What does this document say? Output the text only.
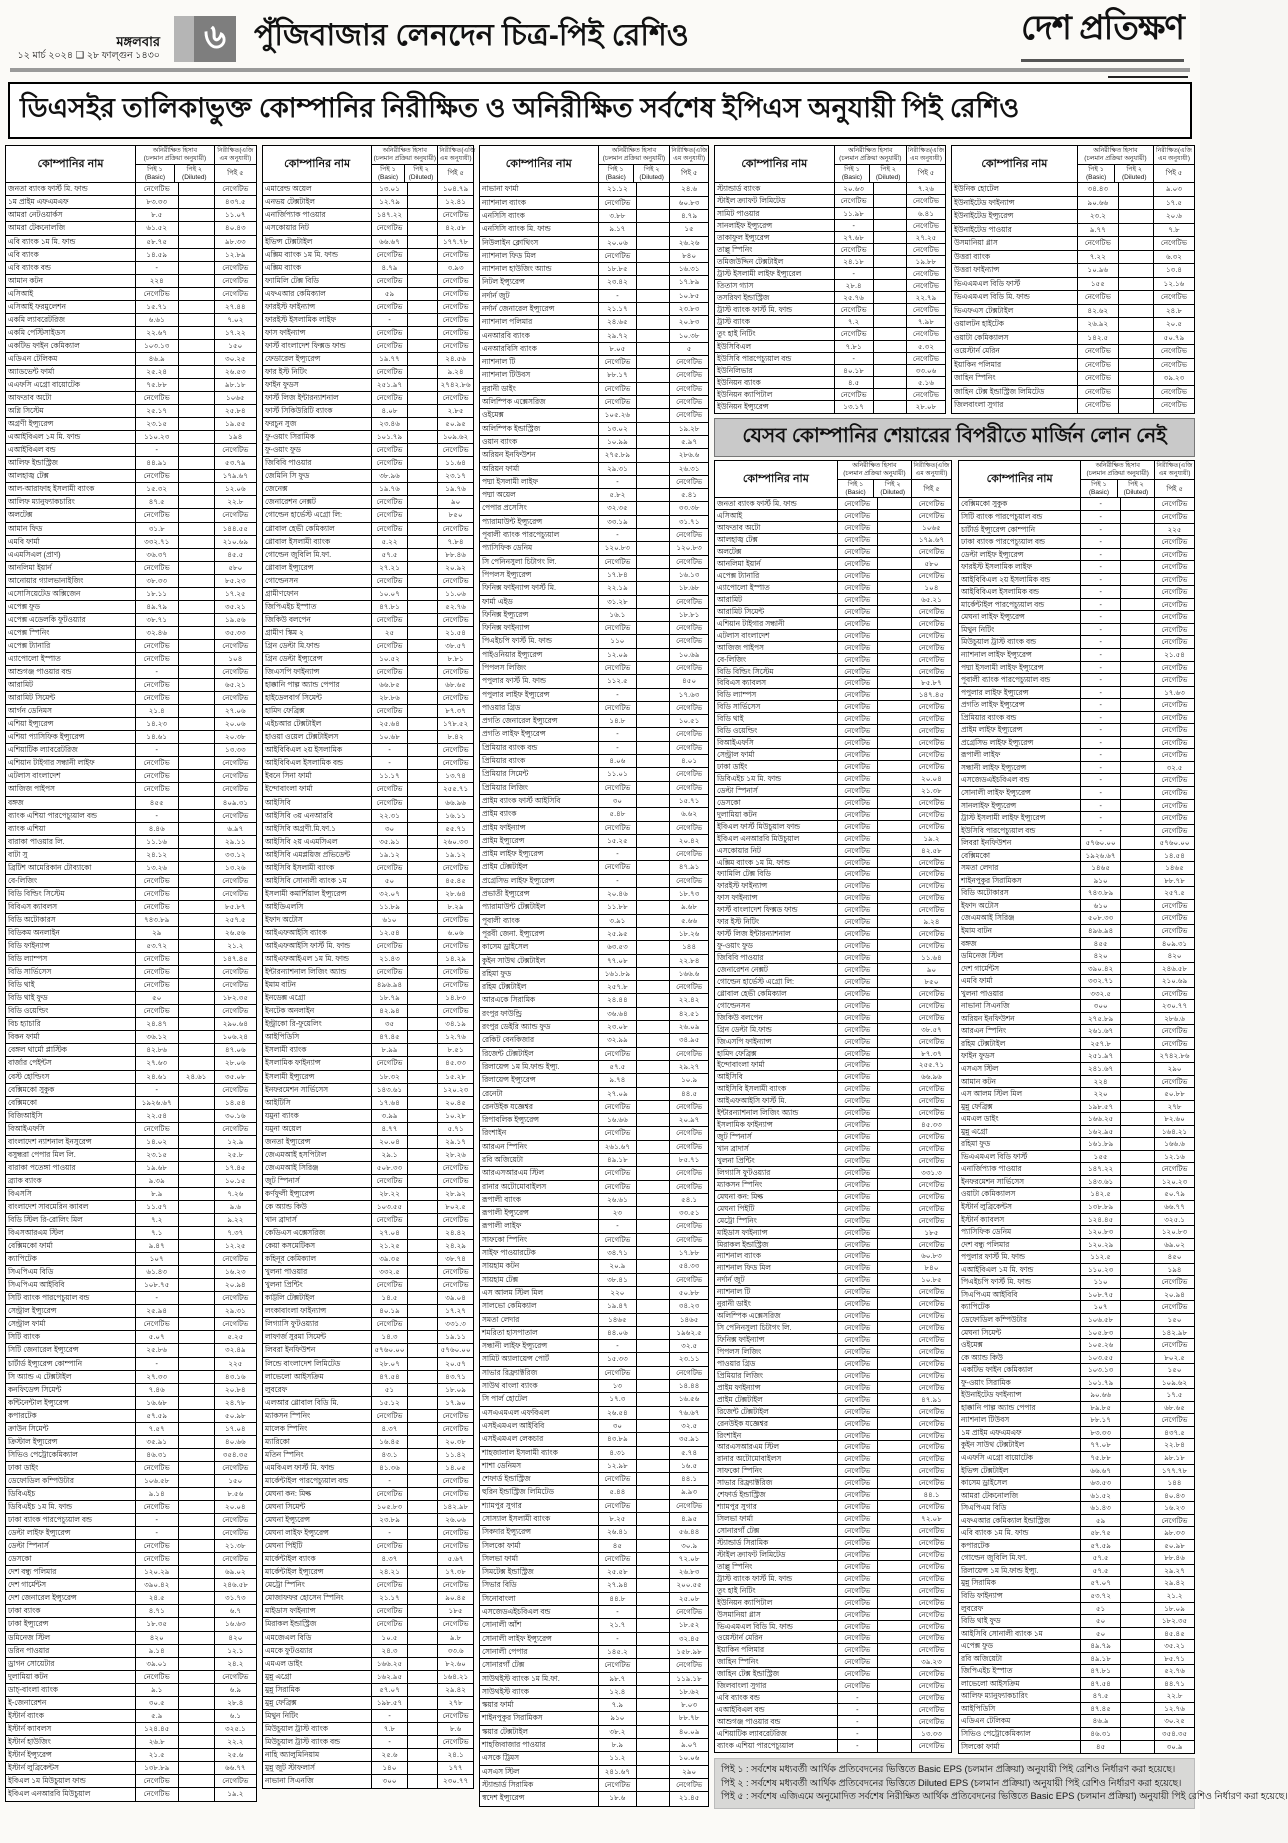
মঙ্গলবার
১২ মার্চ ২০২৪ ❑ ২৮ ফাল্গুন ১৪৩০
৬ পুঁজিবাজার লেনদেন চিত্র-পিই রেশিও	দেশ প্রতিক্ষণ
ডিএসইর তালিকাভুক্ত কোম্পানির নিরীক্ষিত ও অনিরীক্ষিত সর্বশেষ ইপিএস অনুযায়ী পিই রেশিও
কোম্পানির নাম
অনিরীক্ষিত হিসাব
(চলমান প্রক্রিয়া অনুযায়ী)
পিই ১
(Basic)
পিই ২
(Diluted)
নিরীক্ষিত(এজি
এম অনুযায়ী)
পিই ৫
জনতা ব্যাংক ফার্স্ট মি. ফান্ড	নেগেটিভ	নেগেটিভ
১ম প্রাইম এফএমএফ	৮৩.৩৩	৪৩৭.৫
আমরা নেটওয়ার্কস	৮.৫	১১.০৭
আমরা টেকনোলজি	৬১.৫২	৪০.৪৩
এবি ব্যাংক ১ম মি. ফান্ড	৫৮.৭৫	৯৮.৩৩
এবি ব্যাংক	১৪.৫৯	১২.৮৯
এবি ব্যাংক বন্ড	-	নেগেটিভ
আমান কটন	২২৪	নেগেটিভ
এসিআই	নেগেটিভ	নেগেটিভ
এসিআই ফরমুলেশন	১৫.৭১	২৭.৪৪
একমি ল্যাবরেটরিজ	৬.৬১	৭.০২
একমি পেস্টিসাইডস	২২.৬৭	১৭.২২
একটিভ ফাইন কেমিক্যাল	১০৩.১৩	১৫০
এডিএন টেলিকম	৪৬.৯	৩০.২৫
অ্যাডভেন্ট ফার্মা	২৫.২৪	২৬.৫৩
এএফসি এগ্রো বায়োটেক	৭৫.৮৮	৯৮.১৮
আফতাব অটো	নেগেটিভ	১০৬৫
অগ্নি সিস্টেম	২৫.১৭	২৫.৮৪
অগ্রণী ইন্স্যুরেন্স	২৩.১৫	১৯.৫৫
এআইবিএল ১ম মি. ফান্ড	১১০.২৩	১৯৪
এআইবিএল বন্ড	-	নেগেটিভ
আলিফ ইন্ডাস্ট্রিজ	৪৪.৯১	৫৩.৭৯
আলহাজ্ব টেক্স	নেগেটিভ	১৭৯.৬৭
আল-আরাফাহ ইসলামী ব্যাংক	১৫.৩২	১২.০৬
আলিফ ম্যানুফ্যাকচারিং	৪৭.৫	২২.৮
অলটেক্স	নেগেটিভ	নেগেটিভ
আমান ফিড	৩১.৮	১৪৪.৫৫
এমবি ফার্মা	৩৩২.৭১	২১০.৬৯
এএমসিএল (প্রাণ)	৩৬.৩৭	৪৫.৫
আনলিমা ইয়ার্ন	নেগেটিভ	৫৮০
আনোয়ার গ্যালভানাইজিং	৩৮.৩৩	৮৫.২৩
এসোসিয়েটেড অক্সিজেন	১৮.১১	১৭.২৫
এপেক্স ফুড	৪৯.৭৯	৩৫.২১
এপেক্স এডেলকি ফুটওয়্যার	৩৮.৭১	১৯.৫৬
এপেক্স স্পিনিং	৩২.৪৬	৩৫.৩৩
এপেক্স ট্যানারি	নেগেটিভ	নেগেটিভ
এ্যাপোলো ইস্পাত	নেগেটিভ	১০৪
আশুগঞ্জ পাওয়ার বন্ড	-	নেগেটিভ
আরামিট	নেগেটিভ	৬৫.২১
আরামিট সিমেন্ট	নেগেটিভ	নেগেটিভ
আর্গন ডেনিমস	২১.৪	২৭.০৬
এশিয়া ইন্স্যুরেন্স	১৪.২৩	২০.০৬
এশিয়া প্যাসিফিক ইন্স্যুরেন্স	১৪.৬১	২০.৩৮
এশিয়াটিক ল্যাবরেটরিজ	-	১৩.৩৩
এশিয়ান টাইগার সন্ধানী লাইফ	নেগেটিভ	নেগেটিভ
এটলাস বাংলাদেশ	নেগেটিভ	নেগেটিভ
আজিজ পাইপস	নেগেটিভ	নেগেটিভ
বঙ্গজ	৪৫৫	৪০৯.৩১
ব্যাংক এশিয়া পারপেচ্যুয়াল বন্ড	-	নেগেটিভ
ব্যাংক এশিয়া	৪.৪৬	৬.৯৭
বারাকা পাওয়ার লি.	১১.১৬	২৯.১১
বাটা সু	২৪.১২	৩৩.১২
ব্রিটিশ আমেরিকান টোব্যাকো	১৩.২৬	১৩.২৬
বে-লিজিং	নেগেটিভ	নেগেটিভ
বিডি বিল্ডিং সিস্টেম	নেগেটিভ	নেগেটিভ
বিবিএস ক্যাবলস	নেগেটিভ	৮৫.৮৭
বিডি অটোকারস	৭৪৩.৮৯	২৫৭.৫
বিডিকম অনলাইন	২৯	২৬.৫৬
বিডি ফাইন্যান্স	৫৩.৭২	২১.২
বিডি ল্যাম্পস	নেগেটিভ	১৪৭.৪৫
বিডি সার্ভিসেস	নেগেটিভ	নেগেটিভ
বিডি থাই	নেগেটিভ	নেগেটিভ
বিডি থাই ফুড	৫০	১৮২.৩৫
বিডি ওয়েল্ডিং	নেগেটিভ	নেগেটিভ
বিচ হ্যাচারি	২৪.৪৭	২৯০.৬৪
বিকন ফার্মা	৩৬.১২	১০৬.২৪
বেঙ্গল থার্মো প্লাস্টিক	৪২.৮৬	৪৭.০৬
বার্জার পেইন্টস	২৭.৬৩	২৮.০৬
বেস্ট হোল্ডিংস	২৪.৬১	২৪.৬১	৩৫.০৮
বেক্সিমকো সুকুক	-	নেগেটিভ
বেক্সিমকো	১৯২৬.৬৭	১৪.৫৪
বিজিআইসি	২২.৫৪	৩০.১৬
বিআইএফসি	নেগেটিভ	নেগেটিভ
বাংলাদেশ ন্যাশনাল ইনসুরেন্স	১৪.০২	১২.৯
বসুন্ধরা পেপার মিল লি.	২৩.১৫	২৫.৮
বারাকা পতেঙ্গা পাওয়ার	১৯.৬৮	১৭.৪৫
ব্র্যাক ব্যাংক	৯.৩৯	১০.১৫
বিএসসি	৮.৯	৭.২৬
বাংলাদেশ সাবমেরিন ক্যাবল	১১.৫৭	৯.৬
বিডি স্টিল রি-রোলিং মিল	৭.২	৯.২২
বিএসআরএম স্টিল	৭.১	৭.৩৭
বেক্সিমকো ফার্মা	৯.৪৭	১২.২৫
ক্যাপিটেক	১০৭	নেগেটিভ
সিএপিএম বিডি	৬১.৪৩	১৬.২৩
সিএপিএম আইবিবি	১০৮.৭৫	২০.৯৪
সিটি ব্যাংক পারপেচুয়াল বন্ড	-	নেগেটিভ
সেন্ট্রাল ইন্স্যুরেন্স	২৫.৯৪	২৯.৩১
সেন্ট্রাল ফার্মা	নেগেটিভ	নেগেটিভ
সিটি ব্যাংক	৫.০৭	৫.২৫
সিটি জেনারেল ইন্স্যুরেন্স	২৫.৮৬	৩২.৪৯
চার্টার্ড ইন্স্যুরেন্স কোম্পানি	-	২২৫
সি অ্যান্ড এ টেক্সটাইল	২৭.৩৩	৪৩.১৬
কনফিডেন্স সিমেন্ট	৭.৪৬	২০.৮৪
কন্টিনেন্টাল ইন্স্যুরেন্স	১৬.৬৮	২৪.৭৮
কপারটেক	৫৭.৫৯	৫০.৯৮
ক্রাউন সিমেন্ট	৭.৫৭	১৭.০৪
ক্রিস্টাল ইন্স্যুরেন্স	৩৫.৯১	৪০.৬৬
সিভিও পেট্রোকেমিক্যাল	৪৬.৩১	৩৫৪.৩৫
ঢাকা ডাইং	নেগেটিভ	নেগেটিভ
ডেফোডিল কম্পিউটার	১০৬.৫৮	১৫০
ডিবিএইচ	৯.১৪	৮.৫৬
ডিবিএইচ ১ম মি. ফান্ড	নেগেটিভ	২০.০৪
ঢাকা ব্যাংক পারপেচ্যুয়াল বন্ড	-	নেগেটিভ
ডেল্টা লাইফ ইন্স্যুরেন্স	-	নেগেটিভ
ডেল্টা স্পিনার্স	নেগেটিভ	২১.৩৮
ডেসকো	নেগেটিভ	নেগেটিভ
দেশ বন্ধু পলিমার	১২০.২৯	৬৯.০২
দেশ গার্মেন্টস	৩৯০.৪২	২৪৬.৫৮
দেশ জেনারেল ইন্স্যুরেন্স	২৪.৫	৩১.৭৩
ঢাকা ব্যাংক	৪.৭১	৬.৭
ঢাকা ইন্স্যুরেন্স	১৮.৩৫	১৬.৬৩
ডমিনেজ স্টিল	৪২০	৪২০
ডরিন পাওয়ার	৯.১৪	১২.১
ড্রাগন সোয়েটার	৩৯.০১	২৪.২
দুলামিয়া কটন	নেগেটিভ	নেগেটিভ
ডাচ্-বাংলা ব্যাংক	৯.১	৬.৯
ই-জেনারেশন	৩০.৫	২৮.৪
ইস্টার্ন ব্যাংক	৫.৯	৬.১
ইস্টার্ন ক্যাবলস	১২৪.৪৫	৩২৫.১
ইস্টার্ন হাউজিং	২৬.৮	২২.২
ইস্টার্ন ইন্স্যুরেন্স	২১.৫	২৫.৬
ইস্টার্ন লুব্রিকেন্টস	১৩৮.৮৯	৬৬.৭৭
ইবিএল ১ম মিউচুয়াল ফান্ড	নেগেটিভ	নেগেটিভ
ইবিএল এনআরবি মিউচুয়াল	নেগেটিভ	১৯.২
কোম্পানির নাম
অনিরীক্ষিত হিসাব
(চলমান প্রক্রিয়া অনুযায়ী)
পিই ১
(Basic)
পিই ২
(Diluted)
নিরীক্ষিত(এজি
এম অনুযায়ী)
পিই ৫
এমারেল্ড অয়েল	১৩.০১	১০৪.৭৯
এনভয় টেক্সটাইল	১২.৭৯	১২.৪১
এনার্জিপ্যাক পাওয়ার	১৪৭.২২	নেগেটিভ
এসকোয়ার নিট	নেগেটিভ	৪২.৫৮
ইভিন্স টেক্সটাইল	৬৬.৬৭	১৭৭.৭৮
এক্সিম ব্যাংক ১ম মি. ফান্ড	নেগেটিভ	নেগেটিভ
এক্সিম ব্যাংক	৪.৭৯	৩.৯৩
ফ্যামিলি টেক্স বিডি	নেগেটিভ	নেগেটিভ
এফএআর কেমিক্যাল	৫৯	নেগেটিভ
ফারইস্ট ফাইন্যান্স	নেগেটিভ	নেগেটিভ
ফারইস্ট ইসলামিক লাইফ	-	নেগেটিভ
ফাস ফাইন্যান্স	নেগেটিভ	নেগেটিভ
ফার্স্ট বাংলাদেশ ফিক্সড ফান্ড	নেগেটিভ	নেগেটিভ
ফেডারেল ইন্স্যুরেন্স	১৯.৭৭	২৪.৫৬
ফার ইস্ট নিটিং	নেগেটিভ	৯.২৪
ফাইন ফুডস	২৫১.৯৭	২৭৪২.৮৬
ফার্স্ট লিজ ইন্টারন্যাশনাল	নেগেটিভ	নেগেটিভ
ফার্স্ট সিকিউরিটি ব্যাংক	৪.০৮	২.৮৫
ফরচুন সুজ	২৩.৪৬	৫০.৯৫
ফু-ওয়াং সিরামিক	১০১.৭৯	১০৯.৬২
ফু-ওয়াং ফুড	নেগেটিভ	নেগেটিভ
জিবিবি পাওয়ার	নেগেটিভ	১১.৬৪
জেমিনি সি ফুড	৩৮.৯৬	২৩.১৭
জেনেক্স	১৯.৭৬	১৯.৭৬
জেনারেশন নেক্সট	নেগেটিভ	৯০
গোল্ডেন হার্ভেস্ট এগ্রো লি:	নেগেটিভ	৮৫০
গ্লোবাল হেভী কেমিক্যাল	নেগেটিভ	নেগেটিভ
গ্লোবাল ইসলামী ব্যাংক	৫.২২	৭.৮৪
গোল্ডেন জুবিলি মি.ফা.	৫৭.৫	৮৮.৪৬
গ্লোবাল ইন্স্যুরেন্স	২৭.২১	২০.৯২
গোল্ডেনসন	নেগেটিভ	নেগেটিভ
গ্রামীণফোন	১০.০৭	১১.০৬
জিপিএইচ ইস্পাত	৪৭.৮১	৫২.৭৬
জিকিউ বলপেন	নেগেটিভ	নেগেটিভ
গ্রামীণ স্কিম ২	২৫	২১.৫৪
গ্রিন ডেল্টা মি.ফান্ড	নেগেটিভ	৩৮.৫৭
গ্রিন ডেল্টা ইন্স্যুরেন্স	১০.৫২	৮.৮১
জিএসপি ফাইন্যান্স	নেগেটিভ	নেগেটিভ
হাক্কানি পাল্প অ্যান্ড পেপার	৬৬.৮৫	৬৮.৬৫
হাইডেলবার্গ সিমেন্ট	২৮.৮৬	নেগেটিভ
হামিদ ফেব্রিক্স	নেগেটিভ	৮৭.৩৭
এইচআর টেক্সটাইল	২৫.৬৪	১৭৮.৫২
হাওয়া ওয়েল টেক্সটাইলস	১০.৬৮	৮.৪২
আইবিবিএল ২য় ইসলামিক	-	নেগেটিভ
আইবিবিএল ইসলামিক বন্ড	-	নেগেটিভ
ইবনে সিনা ফার্মা	১১.১৭	১৩.৭৪
ইন্দোবাংলা ফার্মা	নেগেটিভ	২৫৫.৭১
আইসিবি	নেগেটিভ	৬৬.৯৬
আইসিবি ৩য় এনআরবি	২২.৩১	১৬.১১
আইসিবি অগ্রণী.মি.ফা.১	৩০	৫৫.৭১
আইসিবি ২য় এএমসিএল	৩৫.৯১	২৬০.৩৩
আইসিবি এমপ্লয়িজ প্রভিডেন্ট	১৯.১২	১৯.১২
আইসিবি ইসলামী ব্যাংক	নেগেটিভ	নেগেটিভ
আইসিবি সোনালী ব্যাংক ১ম	৫০	৪৫.৪৫
ইসলামী কমার্শিয়াল ইন্স্যুরেন্স	৩২.০৭	২৮.৬৪
আইডিএলসি	১১.৮৯	৮.২৯
ইফাদ অটোস	৬১০	নেগেটিভ
আইএফআইসি ব্যাংক	১২.৫৪	৬.০৬
আইএফআইসি ফার্স্ট মি. ফান্ড	নেগেটিভ	নেগেটিভ
আইএফআইএল ১ম মি. ফান্ড	২১.৪৩	১৪.২৯
ইন্টারন্যাশনাল লিজিং অ্যান্ড	নেগেটিভ	নেগেটিভ
ইমাম বাটন	৪৯৬.৯৪	নেগেটিভ
ইনডেক্স এগ্রো	১৮.৭৯	১৪.৮৩
ইনটেক অনলাইন	৪২.৯৪	নেগেটিভ
ইন্ট্রাকো রি-ফুয়েলিং	৩৫	৩৪.১৯
আইপিডিসি	৪৭.৪৫	১২.৭৬
ইসলামী ব্যাংক	৮.৯৯	৮.৫১
ইসলামিক ফাইন্যান্স	নেগেটিভ	৪৫.৩৩
ইসলামী ইন্স্যুরেন্স	১৮.৩২	১৫.২৮
ইনফরমেশন সার্ভিসেস	১৪৩.৬১	১২০.২৩
আইটিসি	১৭.৬৪	২০.৪৫
যমুনা ব্যাংক	৩.৯৯	১০.২৮
যমুনা অয়েল	৪.৭৭	৫.৭১
জনতা ইন্স্যুরেন্স	২০.০৪	২৯.১৭
জেএমআই হসপিটাল	২৯.১	২৮.২৬
জেএমআই সিরিঞ্জ	৫০৮.৩৩	নেগেটিভ
জুট স্পিনার্স	নেগেটিভ	নেগেটিভ
কর্ণফুলী ইন্স্যুরেন্স	২৮.২২	২৮.৯২
কে অ্যান্ড কিউ	১০৩.৫৫	৮০২.৫
খান ব্রাদার্স	নেগেটিভ	নেগেটিভ
কেডিএস এক্সেসরিজ	২৭.০৪	২৪.৪২
কেয়া কসমেটিকস	২১.২৫	২৪.২৯
কহিনূর কেমিক্যাল	৩৯.৩৫	৩৮.৭৪
খুলনা পাওয়ার	৩৩২.৫	নেগেটিভ
খুলনা প্রিন্টিং	নেগেটিভ	নেগেটিভ
কাট্টলি টেক্সটাইল	১৪.৫	৩৯.০৪
লংকাবাংলা ফাইন্যান্স	৪০.১৯	১৭.২৭
লিগ্যাসি ফুটওয়্যার	নেগেটিভ	৩৩১.৩
লাফার্জ সুরমা সিমেন্ট	১৪.৩	১৯.১১
লিবরা ইনফিউশন	৫৭৬০.০০	৫৭৬০.০০
লিন্ডে বাংলাদেশ লিমিটেড	২৮.০৭	২০.৫৭
লাভেলো আইসক্রিম	৪৭.৫৪	৪৩.৭১
লুবরেফ	৫১	১৮.০৯
এলআর গ্লোবাল বিডি মি.	১৫.১২	১৭.৯০
ম্যাকসন স্পিনিং	নেগেটিভ	নেগেটিভ
মালেক স্পিনিং	৪.৩৭	নেগেটিভ
ম্যারিকো	১৬.৪৫	২০.৩৮
মতিন স্পিনিং	৪৩.১	১১.৪২
এমবিএল ফার্স্ট মি. ফান্ড	৪১.৩৬	১৪.০৫
মার্কেন্টাইল পারপেচ্যুয়াল বন্ড	-	নেগেটিভ
মেঘনা কন: মিল্ক	নেগেটিভ	নেগেটিভ
মেঘনা সিমেন্ট	১০৫.৮৩	১৪২.৯৮
মেঘনা ইন্স্যুরেন্স	২৩.৮৯	২৬.০৬
মেঘনা লাইফ ইন্স্যুরেন্স	-	নেগেটিভ
মেঘনা পিইটি	নেগেটিভ	নেগেটিভ
মার্কেন্টাইল ব্যাংক	৪.৩৭	৫.৬৭
মার্কেন্টাইল ইন্স্যুরেন্স	২৪.২১	১৭.৩৮
মেট্রো স্পিনিং	নেগেটিভ	নেগেটিভ
মোজাফফর হোসেন স্পিনিং	২১.১৭	৯০.৪৫
মাইডাস ফাইন্যান্স	নেগেটিভ	১৮৫
মিরাকল ইন্ডাস্ট্রিজ	নেগেটিভ	নেগেটিভ
এমজেএল বিডি	১০.৫	৯.৮
এমকে ফুটওয়্যার	২৪.৩	৩৩.৬
এমএল ডাইং	১৬৬.২৫	৮২.৬০
মুন্নু এগ্রো	১৬২.৯৫	১৬৪.২১
মুন্নু সিরামিক	৫৭.০৭	২৯.৪২
মুন্নু ফেব্রিক্স	১৯৮.৫৭	২৭৮
মিথুন নিটিং	-	নেগেটিভ
মিউচুয়াল ট্রাস্ট ব্যাংক	৭.৮	৮.৬
মিউচুয়াল ট্রাস্ট ব্যাংক বন্ড	-	নেগেটিভ
নাহি অ্যালুমিনিয়াম	২৫.৬	২৪.১
মুন্নু জুট স্টাফলার্স	১৪০	১৭৭
নাভানা সিএনজি	৩০০	২৩০.৭৭
কোম্পানির নাম
অনিরীক্ষিত হিসাব
(চলমান প্রক্রিয়া অনুযায়ী)
পিই ১
(Basic)
পিই ২
(Diluted)
নিরীক্ষিত(এজি
এম অনুযায়ী)
পিই ৫
নাভানা ফার্মা	২১.১২	২৪.৬
ন্যাশনাল ব্যাংক	নেগেটিভ	৬০.৮৩
এনসিসি ব্যাংক	৩.৮৮	৪.৭৯
এনসিসি ব্যাংক মি. ফান্ড	৯.১৭	১৫
নিউলাইন ক্লোথিংস	২০.০৬	২৬.২৬
ন্যাশনাল ফিড মিল	নেগেটিভ	৮৪০
ন্যাশনাল হাউজিং অ্যান্ড	১৮.৮৫	১৬.৩১
নিটল ইন্স্যুরেন্স	২৩.৪২	১৭.৮৯
নর্দার্ন জুট	-	১০.৮৫
নর্দার্ন জেনারেল ইন্স্যুরেন্স	২১.১৭	২৩.৮৩
ন্যাশনাল পলিমার	২৪.৬৫	২০.৮৩
এনআরবি ব্যাংক	২৯.৭২	১০.৩৮
এনআরবিসি ব্যাংক	৮.০৫	৫
ন্যাশনাল টি	নেগেটিভ	নেগেটিভ
ন্যাশনাল টিউবস	৮৮.১৭	নেগেটিভ
নুরানী ডাইং	নেগেটিভ	নেগেটিভ
অলিম্পিক এক্সেসরিজ	নেগেটিভ	নেগেটিভ
ওইমেক্স	১০৫.২৬	নেগেটিভ
অলিম্পিক ইন্ডাস্ট্রিজ	১৩.০২	১৯.২৮
ওয়ান ব্যাংক	১০.৯৯	৫.৯৭
অরিয়ন ইনফিউশন	২৭৫.৮৯	২৮৬.৬
অরিয়ন ফার্মা	২৯.৩১	২৬.৩১
পদ্মা ইসলামী লাইফ	-	নেগেটিভ
পদ্মা অয়েল	৫.৮২	৫.৪১
পেপার প্রসেসিং	৩২.৩৫	৩৩.৩৮
প্যারামাউন্ট ইন্স্যুরেন্স	৩৩.১৯	৩১.৭১
পূবালী ব্যাংক পারপেচ্যুয়াল	-	নেগেটিভ
প্যাসিফিক ডেনিম	১২০.৮৩	১২০.৮৩
সি পেনিনসুলা চিটাগং লি.	নেগেটিভ	নেগেটিভ
পিপলস ইন্স্যুরেন্স	১৭.৮৪	১৬.১৩
ফিনিক্স ফাইন্যান্স ফার্স্ট মি.	২২.১৯	১৮.৬৮
ফার্মা এইড	৩১.২৮	নেগেটিভ
ফিনিক্স ইন্স্যুরেন্স	১৬.১	১৮.৮১
ফিনিক্স ফাইন্যান্স	নেগেটিভ	নেগেটিভ
পিএইচপি ফার্স্ট মি. ফান্ড	১১০	নেগেটিভ
পাইওনিয়ার ইন্স্যুরেন্স	১২.০৯	১০.৬৯
পিপলস লিজিং	নেগেটিভ	নেগেটিভ
পপুলার ফার্স্ট মি. ফান্ড	১১২.৫	৪৫০
পপুলার লাইফ ইন্স্যুরেন্স	-	১৭.৬৩
পাওয়ার গ্রিড	নেগেটিভ	নেগেটিভ
প্রগতি জেনারেল ইন্স্যুরেন্স	১৪.৮	১০.৫১
প্রগতি লাইফ ইন্স্যুরেন্স	-	নেগেটিভ
প্রিমিয়ার ব্যাংক বন্ড	-	নেগেটিভ
প্রিমিয়ার ব্যাংক	৪.০৬	৪.০১
প্রিমিয়ার সিমেন্ট	১১.০১	নেগেটিভ
প্রিমিয়ার লিজিং	নেগেটিভ	নেগেটিভ
প্রাইম ব্যাংক ফার্স্ট আইসিবি	৩০	১৫.৭১
প্রাইম ব্যাংক	৫.৪৮	৬.৬২
প্রাইম ফাইন্যান্স	নেগেটিভ	নেগেটিভ
প্রাইম ইন্স্যুরেন্স	১৫.২৫	২০.৪২
প্রাইম লাইফ ইন্স্যুরেন্স	-	নেগেটিভ
প্রাইম টেক্সটাইল	নেগেটিভ	৪৭.৯১
প্রগ্রেসিভ লাইফ ইন্স্যুরেন্স	-	নেগেটিভ
প্রভাতী ইন্স্যুরেন্স	২০.৪৬	১৮.৭৩
প্যারামাউন্ট টেক্সটাইল	১১.৮৮	৯.৬৮
পূবালী ব্যাংক	৩.৯১	৫.৬৬
পূরবী জেনা. ইন্স্যুরেন্স	২৫.৯৫	১৮.২৬
কাসেম ড্রাইসেল	৬৩.৫৩	১৪৪
কুইন সাউথ টেক্সটাইল	৭৭.০৮	২২.৮৪
রহিমা ফুড	১৬১.৮৯	১৬৬.৬
রহিম টেক্সটাইল	২৫৭.৮	নেগেটিভ
আরএকে সিরামিক	২৪.৪৪	২২.৪২
রংপুর ফাউন্ড্রি	৩৬.৬৪	৪২.৫১
রংপুর ডেইরি অ্যান্ড ফুড	২৩.০৮	২৬.০৯
রেকিট বেনকিজার	৩২.৯৯	৩৪.৯৫
রিজেন্ট টেক্সটাইল	নেগেটিভ	নেগেটিভ
রিলায়েন্স ১ম মি.ফান্ড ইন্স্যু.	৫৭.৫	২৯.২৭
রিলায়েন্স ইন্স্যুরেন্স	৯.৭৪	১০.৯
রেনেটা	২৭.০৯	৪৪.৫
রেনউইক যজ্ঞেশ্বর	নেগেটিভ	নেগেটিভ
রিপাবলিক ইন্স্যুরেন্স	১৬.৬৬	২০.৯৭
রিংশাইন	নেগেটিভ	নেগেটিভ
আরএন স্পিনিং	২৬১.৬৭	নেগেটিভ
রবি অজিয়েটা	৪৯.১৮	৮৫.৭১
আরএসআরএম স্টিল	নেগেটিভ	নেগেটিভ
রানার অটোমোবাইলস	নেগেটিভ	নেগেটিভ
রূপালী ব্যাংক	২৬.৬১	৫৪.১
রূপালী ইন্স্যুরেন্স	২৩	৩৩.৫১
রূপালী লাইফ	-	নেগেটিভ
সাফকো স্পিনিং	নেগেটিভ	নেগেটিভ
সাইফ পাওয়ারটেক	৩৪.৭১	১৭.৮৮
সায়হাম কটন	২০.৯	৫৪.৩৩
সায়হাম টেক্স	৩৮.৪১	নেগেটিভ
এস আলম স্টিল মিল	২২০	৫০.৮৮
সালভো কেমিক্যাল	১৯.৪৭	৩৪.২৩
সমতা লেদার	১৪৬৫	১৪৬৫
শমরিতা হাসপাতাল	৪৪.০৬	১৯৬২.৫
সন্ধানী লাইফ ইন্স্যুরেন্স	-	৩২.৫
সামিট অ্যালায়েন্স পোর্ট	১৫.৩৩	২৩.১১
সাভার রিফ্র্যাক্টরিজ	নেগেটিভ	নেগেটিভ
সাউথ বাংলা ব্যাংক	১৩	১৪.৪৪
সি পার্ল হোটেল	১৭.৩	১৬.৫৬
এসএএমএল এফবিএল	২৬.৫৪	৭৬.৬৭
এসইএমএল আইবিবি	৩০	৩২.৫
এসইএমএল লেকচার	৪৩.৮৯	৩৫.৯১
শাহজালাল ইসলামী ব্যাংক	৪.৩১	৫.৭৪
শাশা ডেনিমস	১২.৯৮	১৬.৫
শেফার্ড ইন্ডাস্ট্রিজ	নেগেটিভ	৪৪.১
হুরিন ইন্ডাস্ট্রিজ লিমিটেড	৫.৪৪	৯.৯৩
শ্যামপুর সুগার	নেগেটিভ	নেগেটিভ
সোস্যাল ইসলামী ব্যাংক	৮.২৫	৪.৯৫
সিকদার ইন্স্যুরেন্স	২৬.৪১	৫৬.৪৪
সিলকো ফার্মা	৪৫	৩০.৯
সিলভা ফার্মা	নেগেটিভ	৭২.০৮
সিমটেক্স ইন্ডাস্ট্রিজ	২৫.৫৮	২৬.৮৩
সিভার বিডি	২৭.৯৪	২০০.৫৫
সিনোবাংলা	৪৪.৮	২৫.০৮
এসজেডএইচবিএল বন্ড	-	নেগেটিভ
সোনালী আঁশ	২১.৭	১৮.৫২
সোনালী লাইফ ইন্স্যুরেন্স	-	৩২.৪৫
সোনালী পেপার	১৪৫.২	১৫৮.৯৮
সোনারগাঁ টেক্স	নেগেটিভ	নেগেটিভ
সাউথইস্ট ব্যাংক ১ম মি.ফা.	৯৮.৭	১১৯.১৮
সাউথইস্ট ব্যাংক	১২.৪	১৮.৬২
স্কয়ার ফার্মা	৭.৯	৮.০৩
শাইনপুকুর সিরামিকস	৯১০	৮৮.৭৮
স্কয়ার টেক্সটাইল	৩৮.২	৪০.০৯
শাহজিবাজার পাওয়ার	৮.৯	৯.০৭
এসকে ট্রিমস	১১.২	১০.০৬
এসএস স্টিল	২৪১.৬৭	২৯০
স্ট্যান্ডার্ড সিরামিক	নেগেটিভ	নেগেটিভ
স্বদেশ ইন্স্যুরেন্স	১৮.৬	২১.৪৫
কোম্পানির নাম
অনিরীক্ষিত হিসাব
(চলমান প্রক্রিয়া অনুযায়ী)
পিই ১
(Basic)
পিই ২
(Diluted)
নিরীক্ষিত(এজি
এম অনুযায়ী)
পিই ৫
স্ট্যান্ডার্ড ব্যাংক	২০.৬৩	৭.২৬
স্টাইল ক্র্যাফট লিমিটেড	নেগেটিভ	নেগেটিভ
সামিট পাওয়ার	১১.৯৮	৬.৪১
সানলাইফ ইন্স্যুরেন্স	-	নেগেটিভ
তাকাফুল ইন্স্যুরেন্স	২৭.৬৮	২৭.২৫
তাল্লু স্পিনিং	নেগেটিভ	নেগেটিভ
তমিজউদ্দিন টেক্সটাইল	২৪.১৮	১৯.৮৮
ট্রাস্ট ইসলামী লাইফ ইন্স্যুরেল	-	নেগেটিভ
তিতাস গ্যাস	২৮.৪	নেগেটিভ
তসরিফা ইন্ডাস্ট্রিজ	২৫.৭৬	২২.৭৯
ট্রাস্ট ব্যাংক ফার্স্ট মি. ফান্ড	নেগেটিভ	নেগেটিভ
ট্রাস্ট ব্যাংক	৭.২	৭.৯৮
তুং হাই নিটিং	নেগেটিভ	নেগেটিভ
ইউসিবিএল	৭.৮১	৫.৩২
ইউসিবি পারপেচ্যুয়াল বন্ড	-	নেগেটিভ
ইউনিলিভার	৪০.১৮	৩৩.০৬
ইউনিয়ন ব্যাংক	৪.৫	৫.১৬
ইউনিয়ন ক্যাপিটাল	নেগেটিভ	নেগেটিভ
ইউনিয়ন ইন্স্যুরেন্স	১৩.১৭	২৮.০৮
কোম্পানির নাম
অনিরীক্ষিত হিসাব
(চলমান প্রক্রিয়া অনুযায়ী)
পিই ১
(Basic)
পিই ২
(Diluted)
নিরীক্ষিত(এজি
এম অনুযায়ী)
পিই ৫
ইউনিক হোটেল	৩৪.৪৩	৯.০৩
ইউনাইটেড ফাইন্যান্স	৯০.৬৬	১৭.৫
ইউনাইটেড ইন্স্যুরেন্স	২৩.২	২০.৬
ইউনাইটেড পাওয়ার	৯.৭৭	৭.৮
উসমানিয়া গ্লাস	নেগেটিভ	নেগেটিভ
উত্তরা ব্যাংক	৭.২২	৬.৩২
উত্তরা ফাইন্যান্স	১০.৯৬	১৩.৪
ভিএএমএল বিডি ফার্স্ট	১৫৫	১২.১৬
ভিএএমএল বিডি মি. ফান্ড	নেগেটিভ	নেগেটিভ
ভিএফএস টেক্সটাইল	৪২.৬২	২৪.৮
ওয়ালটন হাইটেক	২৬.৯২	২০.৫
ওয়াটা কেমিক্যালস	১৪২.৫	৫০.৭৯
ওয়েস্টার্ন মেরিন	নেগেটিভ	নেগেটিভ
ইয়াকিন পলিমার	নেগেটিভ	নেগেটিভ
জাহিন স্পিনিং	নেগেটিভ	৩৯.২৩
জাহিন টেক্স ইন্ডাস্ট্রিজ লিমিটেড	নেগেটিভ	নেগেটিভ
জিলবাংলা সুগার	নেগেটিভ	নেগেটিভ
যেসব কোম্পানির শেয়ারের বিপরীতে মার্জিন লোন নেই
কোম্পানির নাম
অনিরীক্ষিত হিসাব
(চলমান প্রক্রিয়া অনুযায়ী)
পিই ১
(Basic)
পিই ২
(Diluted)
নিরীক্ষিত(এজি
এম অনুযায়ী)
পিই ৫
জনতা ব্যাংক ফার্স্ট মি. ফান্ড	নেগেটিভ	নেগেটিভ
এসিআই	নেগেটিভ	নেগেটিভ
আফতাব অটো	নেগেটিভ	১০৬৫
আলহাজ্ব টেক্স	নেগেটিভ	১৭৯.৬৭
অলটেক্স	নেগেটিভ	নেগেটিভ
আনলিমা ইয়ার্ন	নেগেটিভ	৫৮০
এপেক্স ট্যানারি	নেগেটিভ	নেগেটিভ
এ্যাপোলো ইস্পাত	নেগেটিভ	১০৪
আরামিট	নেগেটিভ	৬৫.২১
আরামিট সিমেন্ট	নেগেটিভ	নেগেটিভ
এশিয়ান টাইগার সন্ধানী	নেগেটিভ	নেগেটিভ
এটলাস বাংলাদেশ	নেগেটিভ	নেগেটিভ
আজিজ পাইপস	নেগেটিভ	নেগেটিভ
বে-লিজিং	নেগেটিভ	নেগেটিভ
বিডি বিল্ডিং সিস্টেম	নেগেটিভ	নেগেটিভ
বিবিএস ক্যাবলস	নেগেটিভ	৮৫.৮৭
বিডি ল্যাম্পস	নেগেটিভ	১৪৭.৪৫
বিডি সার্ভিসেস	নেগেটিভ	নেগেটিভ
বিডি থাই	নেগেটিভ	নেগেটিভ
বিডি ওয়েল্ডিং	নেগেটিভ	নেগেটিভ
বিআইএফসি	নেগেটিভ	নেগেটিভ
সেন্ট্রাল ফার্মা	নেগেটিভ	নেগেটিভ
ঢাকা ডাইং	নেগেটিভ	নেগেটিভ
ডিবিএইচ ১ম মি. ফান্ড	নেগেটিভ	২০.০৪
ডেল্টা স্পিনার্স	নেগেটিভ	২১.৩৮
ডেসকো	নেগেটিভ	নেগেটিভ
দুলামিয়া কটন	নেগেটিভ	নেগেটিভ
ইবিএল ফার্স্ট মিউচুয়াল ফান্ড	নেগেটিভ	নেগেটিভ
ইবিএল এনআরবি মিউচুয়াল	নেগেটিভ	১৯.২
এসকোয়ার নিট	নেগেটিভ	৪২.৫৮
এক্সিম ব্যাংক ১ম মি. ফান্ড	নেগেটিভ	নেগেটিভ
ফ্যামিলি টেক্স বিডি	নেগেটিভ	নেগেটিভ
ফারইস্ট ফাইন্যান্স	নেগেটিভ	নেগেটিভ
ফাস ফাইন্যান্স	নেগেটিভ	নেগেটিভ
ফার্স্ট বাংলাদেশ ফিক্সড ফান্ড	নেগেটিভ	নেগেটিভ
ফার ইস্ট নিটিং	নেগেটিভ	৯.২৪
ফার্স্ট লিজ ইন্টারন্যাশনাল	নেগেটিভ	নেগেটিভ
ফু-ওয়াং ফুড	নেগেটিভ	নেগেটিভ
জিবিবি পাওয়ার	নেগেটিভ	১১.৬৪
জেনারেশন নেক্সট	নেগেটিভ	৯০
গোল্ডেন হার্ভেস্ট এগ্রো লি:	নেগেটিভ	৮৫০
গ্লোবাল হেভী কেমিক্যাল	নেগেটিভ	নেগেটিভ
গোল্ডেনসন	নেগেটিভ	নেগেটিভ
জিকিউ বলপেন	নেগেটিভ	নেগেটিভ
গ্রিন ডেল্টা মি.ফান্ড	নেগেটিভ	৩৮.৫৭
জিএসপি ফাইন্যান্স	নেগেটিভ	নেগেটিভ
হামিদ ফেব্রিক্স	নেগেটিভ	৮৭.৩৭
ইন্দোবাংলা ফার্মা	নেগেটিভ	২৫৫.৭১
আইসিবি	নেগেটিভ	৬৬.৯৬
আইসিবি ইসলামী ব্যাংক	নেগেটিভ	নেগেটিভ
আইএফআইসি ফার্স্ট মি.	নেগেটিভ	নেগেটিভ
ইন্টারন্যাশনাল লিজিং অ্যান্ড	নেগেটিভ	নেগেটিভ
ইসলামিক ফাইন্যান্স	নেগেটিভ	৪৫.৩৩
জুট স্পিনার্স	নেগেটিভ	নেগেটিভ
খান ব্রাদার্স	নেগেটিভ	নেগেটিভ
খুলনা প্রিন্টিং	নেগেটিভ	নেগেটিভ
লিগ্যাসি ফুটওয়্যার	নেগেটিভ	৩৩১.৩
ম্যাকসন স্পিনিং	নেগেটিভ	নেগেটিভ
মেঘনা কন: মিল্ক	নেগেটিভ	নেগেটিভ
মেঘনা পিইটি	নেগেটিভ	নেগেটিভ
মেট্রো স্পিনিং	নেগেটিভ	নেগেটিভ
মাইডাস ফাইন্যান্স	নেগেটিভ	১৮৫
মিরাকল ইন্ডাস্ট্রিজ	নেগেটিভ	নেগেটিভ
ন্যাশনাল ব্যাংক	নেগেটিভ	৬০.৮৩
ন্যাশনাল ফিড মিল	নেগেটিভ	৮৪০
নর্দার্ন জুট	নেগেটিভ	১০.৮৫
ন্যাশনাল টি	নেগেটিভ	নেগেটিভ
নুরানী ডাইং	নেগেটিভ	নেগেটিভ
অলিম্পিক এক্সেসরিজ	নেগেটিভ	নেগেটিভ
সি পেনিনসুলা চিটাগং লি.	নেগেটিভ	নেগেটিভ
ফিনিক্স ফাইন্যান্স	নেগেটিভ	নেগেটিভ
পিপলস লিজিং	নেগেটিভ	নেগেটিভ
পাওয়ার গ্রিড	নেগেটিভ	নেগেটিভ
প্রিমিয়ার লিজিং	নেগেটিভ	নেগেটিভ
প্রাইম ফাইন্যান্স	নেগেটিভ	নেগেটিভ
প্রাইম টেক্সটাইল	নেগেটিভ	৪৭.৯১
রিজেন্ট টেক্সটাইল	নেগেটিভ	নেগেটিভ
রেনউইক যজ্ঞেশ্বর	নেগেটিভ	নেগেটিভ
রিংশাইন	নেগেটিভ	নেগেটিভ
আরএসআরএম স্টিল	নেগেটিভ	নেগেটিভ
রানার অটোমোবাইলস	নেগেটিভ	নেগেটিভ
সাফকো স্পিনিং	নেগেটিভ	নেগেটিভ
সাভার রিফ্র্যাক্টরিজ	নেগেটিভ	নেগেটিভ
শেফার্ড ইন্ডাস্ট্রিজ	নেগেটিভ	৪৪.১
শ্যামপুর সুগার	নেগেটিভ	নেগেটিভ
সিলভা ফার্মা	নেগেটিভ	৭২.০৮
সোনারগাঁ টেক্স	নেগেটিভ	নেগেটিভ
স্ট্যান্ডার্ড সিরামিক	নেগেটিভ	নেগেটিভ
স্টাইল ক্র্যাফট লিমিটেড	নেগেটিভ	নেগেটিভ
তাল্লু স্পিনিং	নেগেটিভ	নেগেটিভ
ট্রাস্ট ব্যাংক ফার্স্ট মি. ফান্ড	নেগেটিভ	নেগেটিভ
তুং হাই নিটিং	নেগেটিভ	নেগেটিভ
ইউনিয়ন ক্যাপিটাল	নেগেটিভ	নেগেটিভ
উসমানিয়া গ্লাস	নেগেটিভ	নেগেটিভ
ভিএএমএল বিডি মি. ফান্ড	নেগেটিভ	নেগেটিভ
ওয়েস্টার্ন মেরিন	নেগেটিভ	নেগেটিভ
ইয়াকিন পলিমার	নেগেটিভ	নেগেটিভ
জাহিন স্পিনিং	নেগেটিভ	৩৯.২৩
জাহিন টেক্স ইন্ডাস্ট্রিজ	নেগেটিভ	নেগেটিভ
জিলবাংলা সুগার	নেগেটিভ	নেগেটিভ
এবি ব্যাংক বন্ড	-	নেগেটিভ
এআইবিএল বন্ড	-	নেগেটিভ
আশুগঞ্জ পাওয়ার বন্ড	-	নেগেটিভ
এশিয়াটিক ল্যাবরেটরিজ	-	১৩.৩৩
ব্যাংক এশিয়া পারপেচ্যুয়াল	-	নেগেটিভ
কোম্পানির নাম
অনিরীক্ষিত হিসাব
(চলমান প্রক্রিয়া অনুযায়ী)
পিই ১
(Basic)
পিই ২
(Diluted)
নিরীক্ষিত(এজি
এম অনুযায়ী)
পিই ৫
বেক্সিমকো সুকুক	-	নেগেটিভ
সিটি ব্যাংক পারপেচুয়াল বন্ড	-	নেগেটিভ
চার্টার্ড ইন্স্যুরেন্স কোম্পানি	-	২২৫
ঢাকা ব্যাংক পারপেচ্যুয়াল বন্ড	-	নেগেটিভ
ডেল্টা লাইফ ইন্স্যুরেন্স	-	নেগেটিভ
ফারইস্ট ইসলামিক লাইফ	-	নেগেটিভ
আইবিবিএল ২য় ইসলামিক বন্ড	-	নেগেটিভ
আইবিবিএল ইসলামিক বন্ড	-	নেগেটিভ
মার্কেন্টাইল পারপেচ্যুয়াল বন্ড	-	নেগেটিভ
মেঘনা লাইফ ইন্স্যুরেন্স	-	নেগেটিভ
মিথুন নিটিং	-	নেগেটিভ
মিউচুয়াল ট্রাস্ট ব্যাংক বন্ড	-	নেগেটিভ
ন্যাশনাল লাইফ ইন্স্যুরেন্স	-	২১.৫৪
পদ্মা ইসলামী লাইফ ইন্স্যুরেন্স	-	নেগেটিভ
পূবালী ব্যাংক পারপেচ্যুয়াল বন্ড	-	নেগেটিভ
পপুলার লাইফ ইন্স্যুরেন্স	-	১৭.৬৩
প্রগতি লাইফ ইন্স্যুরেন্স	-	নেগেটিভ
প্রিমিয়ার ব্যাংক বন্ড	-	নেগেটিভ
প্রাইম লাইফ ইন্স্যুরেন্স	-	নেগেটিভ
প্রগ্রেসিভ লাইফ ইন্স্যুরেন্স	-	নেগেটিভ
রূপালী লাইফ	-	নেগেটিভ
সন্ধানী লাইফ ইন্স্যুরেন্স	-	৩২.৫
এসজেডএইচবিএল বন্ড	-	নেগেটিভ
সোনালী লাইফ ইন্স্যুরেন্স	-	নেগেটিভ
সানলাইফ ইন্স্যুরেন্স	-	নেগেটিভ
ট্রাস্ট ইসলামী লাইফ ইন্স্যুরেন্স	-	নেগেটিভ
ইউসিবি পারপেচ্যুয়াল বন্ড	-	নেগেটিভ
লিবরা ইনফিউশন	৫৭৬০.০০	৫৭৬০.০০
বেক্সিমকো	১৯২৬.৬৭	১৪.৫৪
সমতা লেদার	১৪৬৫	১৪৬৫
শাইনপুকুর সিরামিকস	৯১০	৮৮.৭৮
বিডি অটোকারস	৭৪৩.৮৯	২৫৭.৫
ইফাদ অটোস	৬১০	নেগেটিভ
জেএমআই সিরিঞ্জ	৫০৮.৩৩	নেগেটিভ
ইমাম বাটন	৪৯৬.৯৪	নেগেটিভ
বঙ্গজ	৪৫৫	৪০৯.৩১
ডমিনেজ স্টিল	৪২০	৪২০
দেশ গার্মেন্টস	৩৯০.৪২	২৪৬.৫৮
এমবি ফার্মা	৩৩২.৭১	২১০.৬৯
খুলনা পাওয়ার	৩৩২.৫	নেগেটিভ
নাভানা সিএনজি	৩০০	২৩০.৭৭
অরিয়ন ইনফিউশন	২৭৫.৮৯	২৮৬.৬
আরএন স্পিনিং	২৬১.৬৭	নেগেটিভ
রহিম টেক্সটাইল	২৫৭.৮	নেগেটিভ
ফাইন ফুডস	২৫১.৯৭	২৭৪২.৮৬
এসএস স্টিল	২৪১.৬৭	২৯০
আমান কটন	২২৪	নেগেটিভ
এস আলম স্টিল মিল	২২০	৫০.৮৮
মুন্নু ফেব্রিক্স	১৯৮.৫৭	২৭৮
এমএল ডাইং	১৬৬.২৫	৮২.৬০
মুন্নু এগ্রো	১৬২.৯৫	১৬৪.২১
রহিমা ফুড	১৬১.৮৯	১৬৬.৬
ভিএএমএল বিডি ফার্স্ট	১৫৫	১২.১৬
এনার্জিপ্যাক পাওয়ার	১৪৭.২২	নেগেটিভ
ইনফরমেশন সার্ভিসেস	১৪৩.৬১	১২০.২৩
ওয়াটা কেমিক্যালস	১৪২.৫	৫০.৭৯
ইস্টার্ন লুব্রিকেন্টস	১৩৮.৮৯	৬৬.৭৭
ইস্টার্ন ক্যাবলস	১২৪.৪৫	৩২৫.১
প্যাসিফিক ডেনিম	১২০.৮৩	১২০.৮৩
দেশ বন্ধু পলিমার	১২০.২৯	৬৯.০২
পপুলার ফার্স্ট মি. ফান্ড	১১২.৫	৪৫০
এআইবিএল ১ম মি. ফান্ড	১১০.২৩	১৯৪
পিএইচপি ফার্স্ট মি. ফান্ড	১১০	নেগেটিভ
সিএপিএম আইবিবি	১০৮.৭৫	২০.৯৪
ক্যাপিটেক	১০৭	নেগেটিভ
ডেফোডিল কম্পিউটার	১০৬.৫৮	১৫০
মেঘনা সিমেন্ট	১০৫.৮৩	১৪২.৯৮
ওইমেক্স	১০৫.২৬	নেগেটিভ
কে অ্যান্ড কিউ	১০৩.৫৫	৮০২.৫
একটিভ ফাইন কেমিক্যাল	১০৩.১৩	১৫০
ফু-ওয়াং সিরামিক	১০১.৭৯	১০৯.৬২
ইউনাইটেড ফাইন্যান্স	৯০.৬৬	১৭.৫
হাক্কানি পাল্প অ্যান্ড পেপার	৮৯.৮৫	৬৮.৬৫
ন্যাশনাল টিউবস	৮৮.১৭	নেগেটিভ
১ম প্রাইম এফএমএফ	৮৩.৩৩	৪৩৭.৫
কুইন সাউথ টেক্সটাইল	৭৭.০৮	২২.৮৪
এএফসি এগ্রো বায়োটেক	৭৫.৮৮	৯৮.১৮
ইভিন্স টেক্সটাইল	৬৬.৬৭	১৭৭.৭৮
কাসেম ড্রাইসেল	৬৩.৫৩	১৪৪
আমরা টেকনোলজি	৬১.৫২	৪০.৪৩
সিএপিএম বিডি	৬১.৪৩	১৬.২৩
এফএআর কেমিক্যাল ইন্ডাস্ট্রিজ	৫৯	নেগেটিভ
এবি ব্যাংক ১ম মি. ফান্ড	৫৮.৭৫	৯৮.৩৩
কপারটেক	৫৭.৫৯	৫০.৯৮
গোল্ডেন জুবিলি মি.ফা.	৫৭.৫	৮৮.৪৬
রিলায়েন্স ১ম মি.ফান্ড ইন্স্যু.	৫৭.৫	২৯.২৭
মুন্নু সিরামিক	৫৭.০৭	২৯.৪২
বিডি ফাইন্যান্স	৫৩.৭২	২১.২
লুবরেফ	৫১	১৮.০৯
বিডি থাই ফুড	৫০	১৮২.৩৫
আইসিবি সোনালী ব্যাংক ১ম	৫০	৪৫.৪৫
এপেক্স ফুড	৪৯.৭৯	৩৫.২১
রবি অজিয়েটা	৪৯.১৮	৮৫.৭১
জিপিএইচ ইস্পাত	৪৭.৮১	৫২.৭৬
লাভেলো আইসক্রিম	৪৭.৫৪	৪৪.৭১
আলিফ ম্যানুফ্যাকচারিং	৪৭.৫	২২.৮
আইপিডিসি	৪৭.৪৫	১২.৭৬
এডিএন টেলিকম	৪৬.৯	৩০.২৫
সিভিও পেট্রোকেমিক্যাল	৪৬.৩১	৩৫৪.৩৫
সিলকো ফার্মা	৪৫	৩০.৯
পিই ১ : সর্বশেষ মধ্যবর্তী আর্থিক প্রতিবেদনের ভিত্তিতে Basic EPS (চলমান প্রক্রিয়া) অনুযায়ী পিই রেশিও নির্ধারণ করা হয়েছে।
পিই ২ : সর্বশেষ মধ্যবর্তী আর্থিক প্রতিবেদনের ভিত্তিতে Diluted EPS (চলমান প্রক্রিয়া) অনুযায়ী পিই রেশিও নির্ধারণ করা হয়েছে।
পিই ৫ : সর্বশেষ এজিএমে অনুমোদিত সর্বশেষ নিরীক্ষিত আর্থিক প্রতিবেদনের ভিত্তিতে Basic EPS (চলমান প্রক্রিয়া) অনুযায়ী পিই রেশিও নির্ধারণ করা হয়েছে।
